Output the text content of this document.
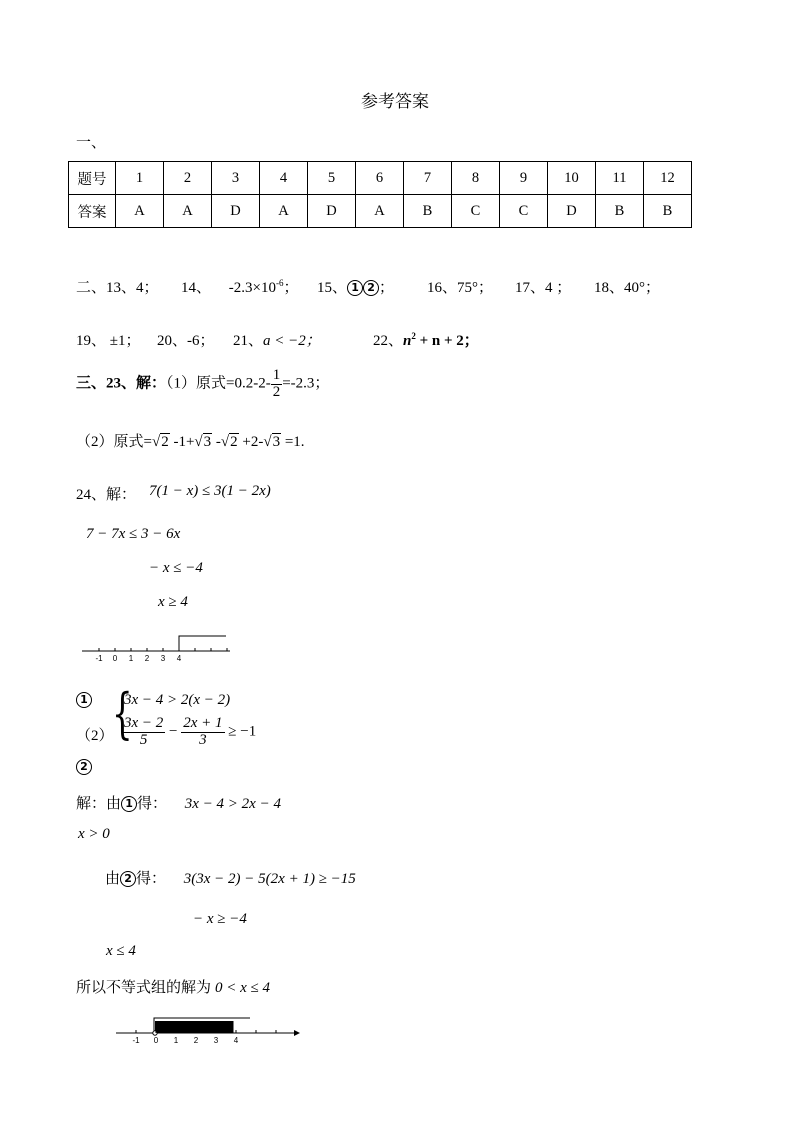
参考答案
一、
题号	1	2	3	4	5	6	7	8	9	10	11	12
答案	A	A	D	A	D	A	B	C	C	D	B	B
二、13、4； 14、 $-2.3\times 10^{-6}$； 15、 1 2 ； 16、75°； 17、4 ； 18、40°；
19、 ±1； 20、-6； 21、a < −2；	22、$n^2 + n + 2$；
三、23、解：（1）原式$=0.2-2- \frac{1}{2} =-2.3$；
（2）原式=√2 -1+√3 -√2 +2-√3 =1.
24、解： 7(1 − x) ≤ 3(1 − 2x)
7 − 7x ≤ 3 − 6x
− x ≤ −4
x ≥ 4
-1 0 1 2 3 4
1
（2）
{
3x − 4 > 2(x − 2)
$\frac{3x - 2}{5} - \frac{2x + 1}{3} \ge -1$
2
解：由 1 得： 3x − 4 > 2x − 4
x > 0
由 2 得： 3(3x − 2) − 5(2x + 1) ≥ −15
− x ≥ −4
x ≤ 4
所以不等式组的解为 0 < x ≤ 4
-1 0 1 2 3 4
